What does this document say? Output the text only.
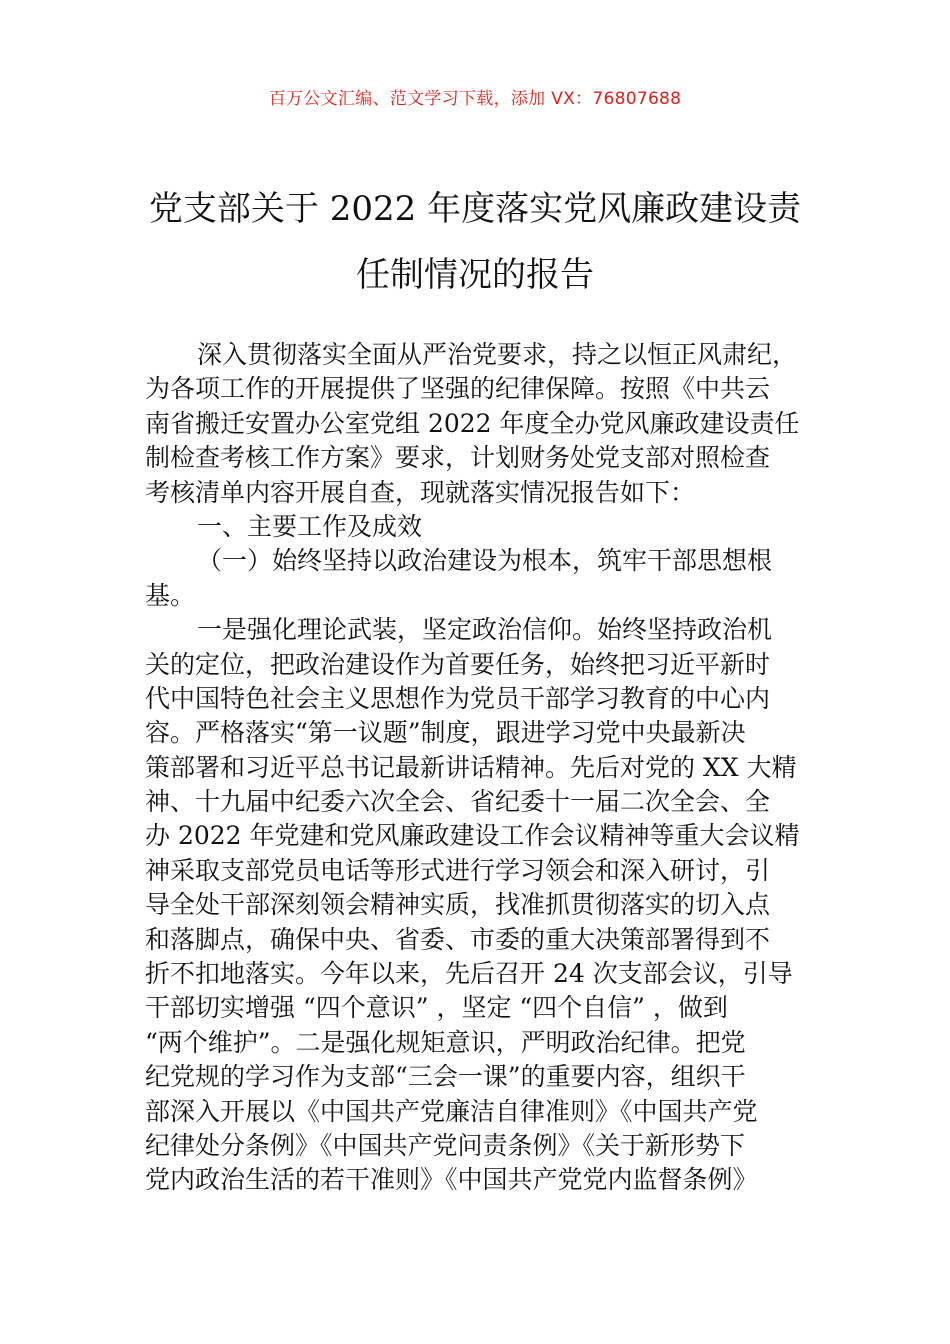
百万公文汇编、范文学习下载，添加 VX：76807688
党支部关于 2022 年度落实党风廉政建设责
任制情况的报告
深入贯彻落实全面从严治党要求，持之以恒正风肃纪，
为各项工作的开展提供了坚强的纪律保障。按照《中共云
南省搬迁安置办公室党组 2022 年度全办党风廉政建设责任
制检查考核工作方案》要求，计划财务处党支部对照检查
考核清单内容开展自查，现就落实情况报告如下：
一、主要工作及成效
（一）始终坚持以政治建设为根本，筑牢干部思想根
基。
一是强化理论武装，坚定政治信仰。始终坚持政治机
关的定位，把政治建设作为首要任务，始终把习近平新时
代中国特色社会主义思想作为党员干部学习教育的中心内
容。严格落实“第一议题”制度，跟进学习党中央最新决
策部署和习近平总书记最新讲话精神。先后对党的 XX 大精
神、十九届中纪委六次全会、省纪委十一届二次全会、全
办 2022 年党建和党风廉政建设工作会议精神等重大会议精
神采取支部党员电话等形式进行学习领会和深入研讨，引
导全处干部深刻领会精神实质，找准抓贯彻落实的切入点
和落脚点，确保中央、省委、市委的重大决策部署得到不
折不扣地落实。今年以来，先后召开 24 次支部会议，引导
干部切实增强 “四个意识” ，坚定 “四个自信” ，做到
“两个维护”。二是强化规矩意识，严明政治纪律。把党
纪党规的学习作为支部“三会一课”的重要内容，组织干
部深入开展以《中国共产党廉洁自律准则》《中国共产党
纪律处分条例》《中国共产党问责条例》《关于新形势下
党内政治生活的若干准则》《中国共产党党内监督条例》
